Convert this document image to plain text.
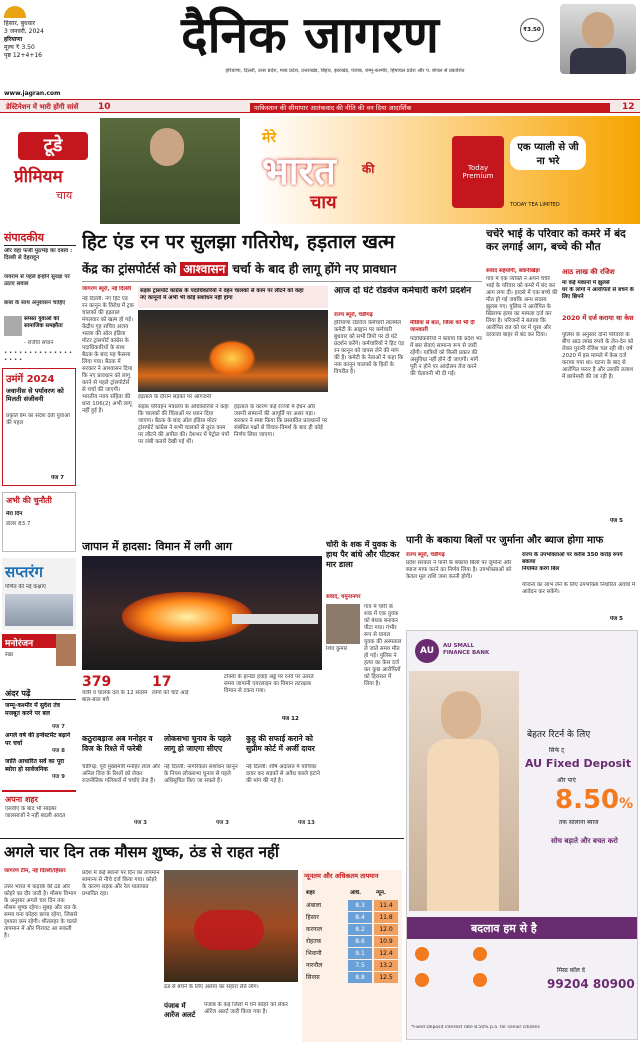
हिसार, बुधवार
3 जनवरी, 2024
हरियाणा
मूल्य ₹ 3.50
पृष्ठ 12+4+16	दैनिक जागरण	₹3.50
हरियाणा, दिल्ली, उत्तर प्रदेश, मध्य प्रदेश, उत्तराखंड, बिहार, झारखंड, पंजाब, जम्मू-कश्मीर, हिमाचल प्रदेश और प. बंगाल से प्रकाशित
www.jagran.com
डेस्टिनेशन में भारी होंगी सांसें 10	पाकिस्तान की सीमापार आतंकवाद की नीति की वन दिया आदार्शिक	12
टूडे
प्रीमियम
चाय
मेरे
भारत की
चाय
Today Premium
एक प्याली से जी ना भरे
TODAY TEA LIMITED
संपादकीय
और वहां फर्जी मुठभेड़ का दबाव : दिल्ली से देहरादून
जयराम से पहले इन्होंने सुरक्षा पर उठाए सवाल
बाबा के साथ अनुशासन चाहिए
समस्त युवाओं को सामाजिक समझौता
- राजीव सचान
• • • • • • • • • • • • • • • • • •
उमंगें 2024
जवानीस से पर्यावरण को मिलती संजीवनी
प्रकृति प्रेम का संदेश देती युवाओं की पहल
पेज 7
अभी की चुनौती
मेरा दिन
डॉलर 83.7
सप्तरंग
गणित की नई कक्षाएं
मनोरंजन
रेखा
अंदर पढ़ें
जम्मू-कश्मीर में सुदेश तंत्र मजबूत करने पर बल
पेज 7
अगले वर्ष की इन्वेस्टमेंट बढ़ाने पर चर्चा
पेज 8
जाति आधारित सर्वे का पूरा ब्योरा हो सार्वजनिक
पेज 9
अपना शहर
एसवीए के बाद भी साइबर जालसाजों ने नहीं बदली आदत
हिट एंड रन पर सुलझा गतिरोध, हड़ताल खत्म
केंद्र का ट्रांसपोर्टर्स को आश्वासन चर्चा के बाद ही लागू होंगे नए प्रावधान
जागरण ब्यूरो, नई दिल्ली
नई दिल्ली: नए हिट एंड रन कानून के विरोध में ट्रक चालकों की हड़ताल मंगलवार को खत्म हो गई। केंद्रीय गृह सचिव अजय भल्ला की ऑल इंडिया मोटर ट्रांसपोर्ट कांग्रेस के पदाधिकारियों के साथ बैठक के बाद यह फैसला लिया गया। बैठक में सरकार ने आश्वासन दिया कि नए प्रावधान को लागू करने से पहले ट्रांसपोर्टर्स से चर्चा की जाएगी। भारतीय न्याय संहिता की धारा 106(2) अभी लागू नहीं हुई है।
सड़क ट्रांसपोर्ट कांग्रेस के पदाधिकारियों ने वहन चालकों से काम पर लौटने को कहा
नए कानूनों में अभी भी कोई संशोधन नहीं होगा
हड़ताल के दौरान सड़कों पर आगजनी
सड़क परिवहन मंत्रालय के अधिकारियों ने कहा कि चालकों की चिंताओं पर ध्यान दिया जाएगा। बैठक के बाद ऑल इंडिया मोटर ट्रांसपोर्ट कांग्रेस ने सभी चालकों से तुरंत काम पर लौटने की अपील की। देशभर में पेट्रोल पंपों पर लंबी कतारें देखी गई थीं।
हड़ताल के कारण कई राज्यों में ईंधन और जरूरी सामानों की आपूर्ति पर असर पड़ा। सरकार ने स्पष्ट किया कि प्रस्तावित प्रावधानों पर संबंधित पक्षों से विचार-विमर्श के बाद ही कोई निर्णय लिया जाएगा।
आज दो घंटे रोडवेज कर्मचारी करेंगे प्रदर्शन
राज्य ब्यूरो, चंडीगढ़
हरियाणा रोडवेज कर्मचारी तालमेल कमेटी के आह्वान पर कर्मचारी बुधवार को सभी डिपो पर दो घंटे प्रदर्शन करेंगे। कर्मचारियों ने हिट एंड रन कानून को वापस लेने की मांग की है। कमेटी के नेताओं ने कहा कि नया कानून चालकों के हितों के विपरीत है।
मीडिया से बात, जिला को भी दी जानकारी
पदाधिकारियों ने बताया कि प्रदेश भर में बस सेवाएं सामान्य रूप से जारी रहेंगी। यात्रियों को किसी प्रकार की असुविधा नहीं होने दी जाएगी। मांगें पूरी न होने पर आंदोलन तेज करने की चेतावनी भी दी गई।
चचेरे भाई के परिवार को कमरे में बंद कर लगाई आग, बच्चे की मौत
संवाद सहयोगी, बवानीखेड़ा
गांव में एक व्यक्ति ने अपने चचेरे भाई के परिवार को कमरे में बंद कर आग लगा दी। हादसे में एक बच्चे की मौत हो गई जबकि अन्य सदस्य झुलस गए। पुलिस ने आरोपित के खिलाफ हत्या का मामला दर्ज कर लिया है। परिजनों ने बताया कि आरोपित रात को घर में घुसा और दरवाजा बाहर से बंद कर दिया।
आठ लाख की रजिश
मां कई मकानों में झुलसे
घर के लोगों ने आरोपितों से बचने के लिए छिपने
2020 में दर्ज कराया था केस
पुलिस के अनुसार दोनों परिवारों के बीच आठ लाख रुपये के लेन-देन को लेकर पुरानी रंजिश चल रही थी। वर्ष 2020 में इस मामले में केस दर्ज कराया गया था। घटना के बाद से आरोपित फरार है और उसकी तलाश में छापेमारी की जा रही है।
पेज 5
जापान में हादसा: विमान में लगी आग
379
यात्री व चालक दल के 12 सदस्य बाल-बाल बचे
17
लोगों को चोटें आईं
टोक्यो के हानेडा हवाई अड्डे पर रनवे पर उतरते समय जापानी एयरलाइन का विमान तटरक्षक विमान से टकरा गया।
पेज 12
कठुराबड़ाज अब मनोहर व विज के रिश्ते में फरेबी
चंडीगढ़: पूर्व मुख्यमंत्री मनोहर लाल और अनिल विज के रिश्तों को लेकर राजनीतिक गलियारों में चर्चाएं तेज हैं।
पेज 3
लोकसभा चुनाव के पहले लागू हो जाएगा सीएए
नई दिल्ली: नागरिकता संशोधन कानून के नियम लोकसभा चुनाव से पहले अधिसूचित किए जा सकते हैं।
पेज 3
कुहू की सफाई कराने को सुप्रीम कोर्ट में अर्जी दायर
नई दिल्ली: शीर्ष अदालत में याचिका दायर कर सड़कों से अवैध कब्जे हटाने की मांग की गई है।
पेज 13
चोरी के शक में युवक के हाथ पैर बांधे और पीटकर मार डाला
संवाद, यमुनानगर
शिव कुमार
गांव में चोरी के शक में एक युवक को बंधक बनाकर पीटा गया। गंभीर रूप से घायल युवक की अस्पताल ले जाते समय मौत हो गई। पुलिस ने हत्या का केस दर्ज कर कुछ आरोपितों को हिरासत में लिया है।
पानी के बकाया बिलों पर जुर्माना और ब्याज होगा माफ
राज्य ब्यूरो, चंडीगढ़
प्रदेश सरकार ने पानी के बकाया बिलों पर जुर्माना और ब्याज माफ करने का निर्णय लिया है। उपभोक्ताओं को केवल मूल राशि जमा करनी होगी।
राज्य के उपभोक्ताओं पर करीब 350 करोड़ रुपये बकाया
नियमित करेंगे बिल
योजना का लाभ लेने के लिए उपभोक्ता निर्धारित अवधि में आवेदन कर सकेंगे।
पेज 5
AU	AU SMALL FINANCE BANK
बेहतर रिटर्न के लिए
सिर्फ ट्
AU Fixed Deposit
और पाएं
8.50%
तक सालाना ब्याज
सोच बड़ाते और बचत करो
बदलाव हम से है
मिस्ड कॉल दें
99204 80900
*Fixed Deposit interest rate 8.50% p.a. for senior citizens
अगले चार दिन तक मौसम शुष्क, ठंड से राहत नहीं
जागरण टीम, नई दिल्ली/हिसार
उत्तर भारत में कड़ाके की ठंड और कोहरे का दौर जारी है। मौसम विभाग के अनुसार अगले चार दिन तक मौसम शुष्क रहेगा। सुबह और रात के समय घना कोहरा छाया रहेगा, जिससे दृश्यता कम रहेगी। शीतलहर के चलते तापमान में और गिरावट आ सकती है।
प्रदेश में कई स्थानों पर दिन का तापमान सामान्य से नीचे दर्ज किया गया। कोहरे के कारण सड़क और रेल यातायात प्रभावित रहा।
ठंड से बचने के लिए अलाव का सहारा लेते लोग।
पंजाब में आरेंज अलर्ट
पंजाब के कई जिलों में घने कोहरे को लेकर ऑरेंज अलर्ट जारी किया गया है।
न्यूनतम और अधिकतम तापमान
शहर	अधि.	न्यून.
अंबाला	8.3	11.4
हिसार	8.4	11.8
करनाल	8.2	12.0
रोहतक	8.6	10.9
भिवानी	9.1	12.4
नारनौल	7.5	13.2
सिरसा	8.8	12.5
